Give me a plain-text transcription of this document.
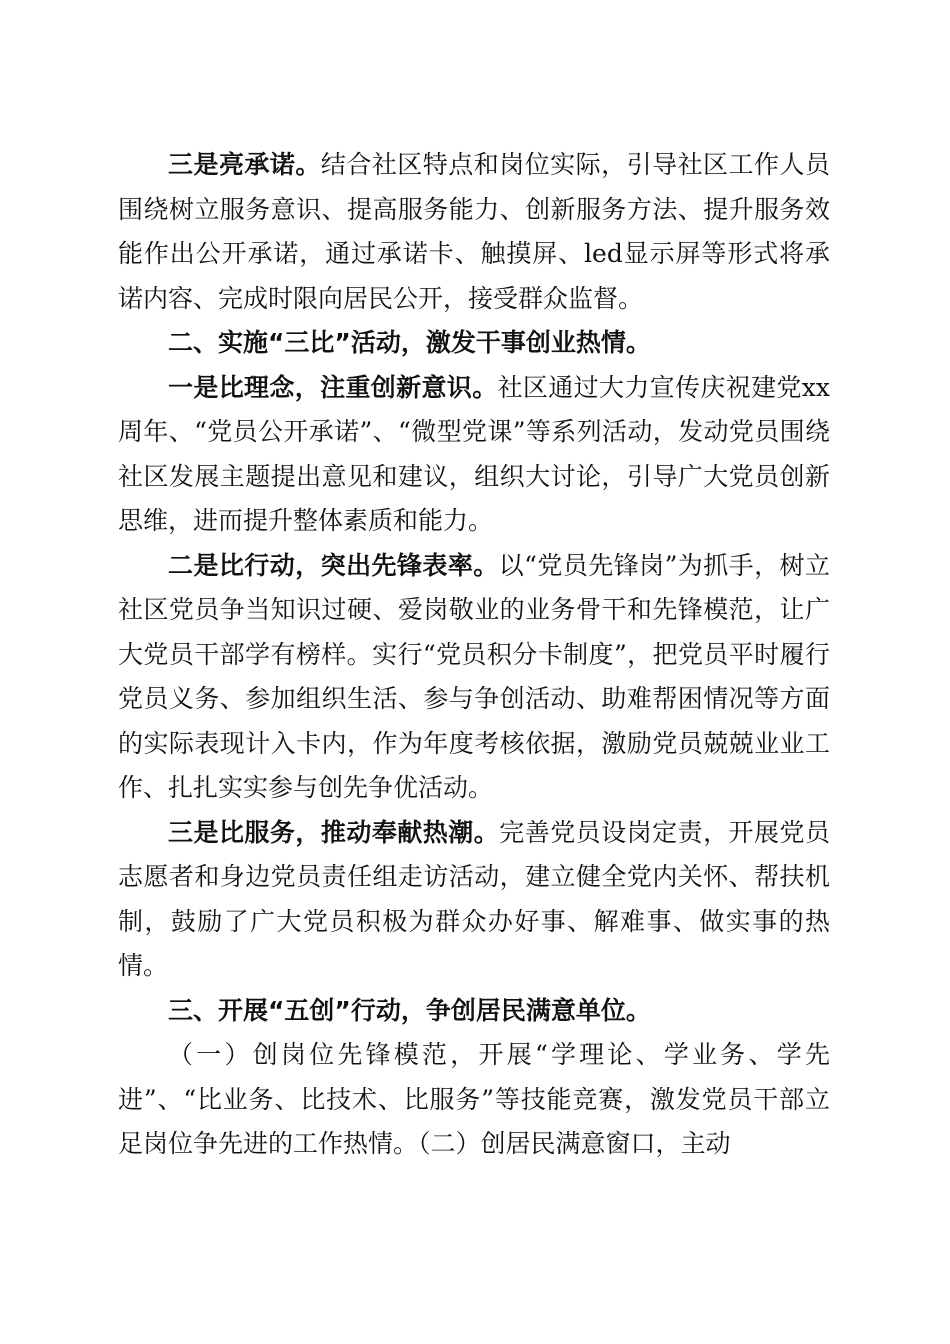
三是亮承诺。结合社区特点和岗位实际，引导社区工作人员围绕树立服务意识、提高服务能力、创新服务方法、提升服务效能作出公开承诺，通过承诺卡、触摸屏、led显示屏等形式将承诺内容、完成时限向居民公开，接受群众监督。

二、实施“三比”活动，激发干事创业热情。

一是比理念，注重创新意识。社区通过大力宣传庆祝建党xx周年、“党员公开承诺”、“微型党课”等系列活动，发动党员围绕社区发展主题提出意见和建议，组织大讨论，引导广大党员创新思维，进而提升整体素质和能力。

二是比行动，突出先锋表率。以“党员先锋岗”为抓手，树立社区党员争当知识过硬、爱岗敬业的业务骨干和先锋模范，让广大党员干部学有榜样。实行“党员积分卡制度”，把党员平时履行党员义务、参加组织生活、参与争创活动、助难帮困情况等方面的实际表现计入卡内，作为年度考核依据，激励党员兢兢业业工作、扎扎实实参与创先争优活动。

三是比服务，推动奉献热潮。完善党员设岗定责，开展党员志愿者和身边党员责任组走访活动，建立健全党内关怀、帮扶机制，鼓励了广大党员积极为群众办好事、解难事、做实事的热情。

三、开展“五创”行动，争创居民满意单位。

（一）创岗位先锋模范，开展“学理论、学业务、学先进”、“比业务、比技术、比服务”等技能竞赛，激发党员干部立足岗位争先进的工作热情。（二）创居民满意窗口，主动
